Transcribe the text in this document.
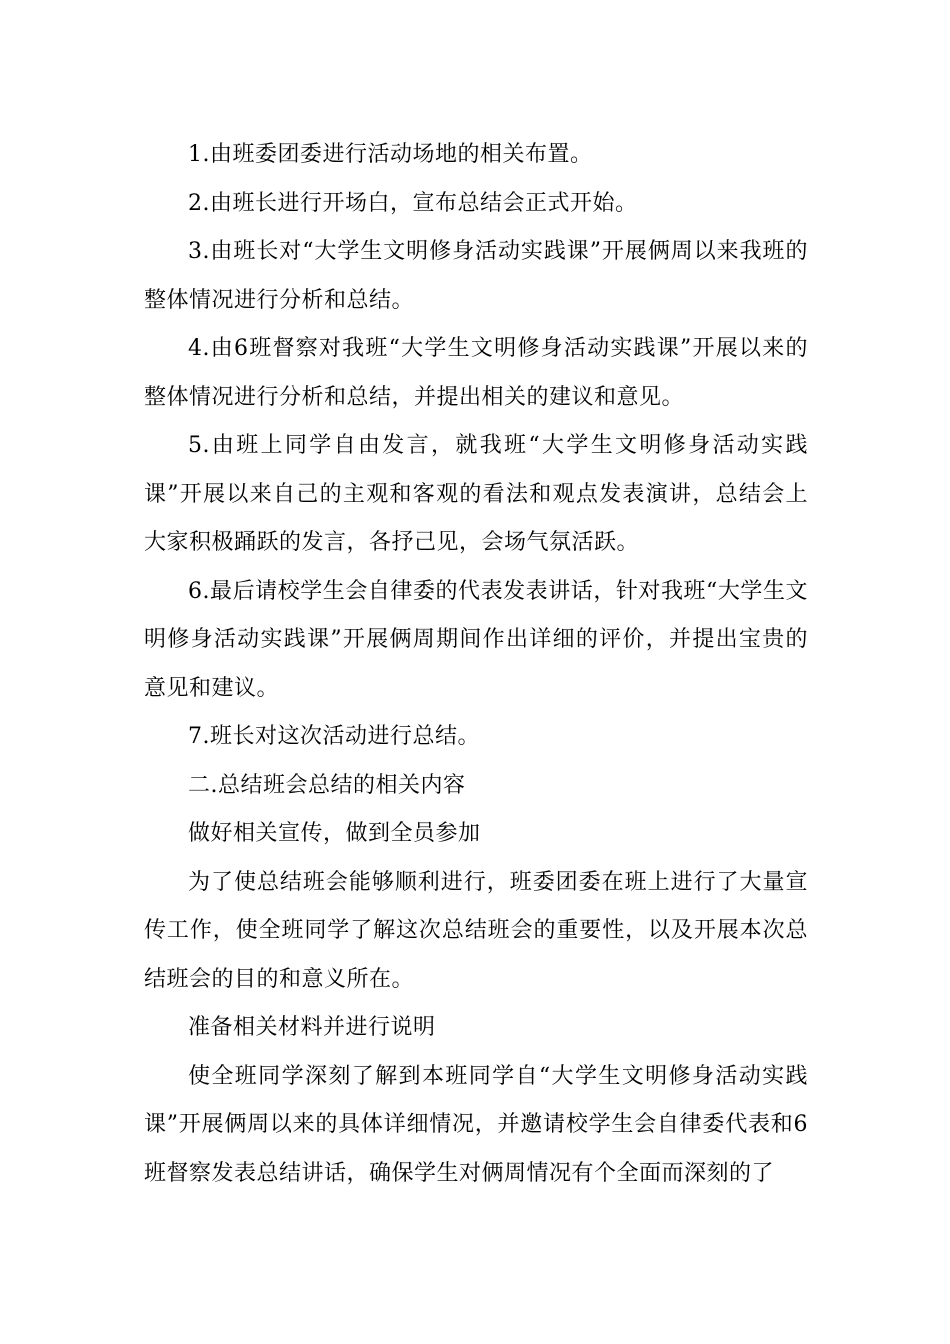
1.由班委团委进行活动场地的相关布置。

2.由班长进行开场白，宣布总结会正式开始。

3.由班长对“大学生文明修身活动实践课”开展俩周以来我班的整体情况进行分析和总结。

4.由6班督察对我班“大学生文明修身活动实践课”开展以来的整体情况进行分析和总结，并提出相关的建议和意见。

5.由班上同学自由发言，就我班“大学生文明修身活动实践课”开展以来自己的主观和客观的看法和观点发表演讲，总结会上大家积极踊跃的发言，各抒己见，会场气氛活跃。

6.最后请校学生会自律委的代表发表讲话，针对我班“大学生文明修身活动实践课”开展俩周期间作出详细的评价，并提出宝贵的意见和建议。

7.班长对这次活动进行总结。

二.总结班会总结的相关内容

做好相关宣传，做到全员参加

为了使总结班会能够顺利进行，班委团委在班上进行了大量宣传工作，使全班同学了解这次总结班会的重要性，以及开展本次总结班会的目的和意义所在。

准备相关材料并进行说明

使全班同学深刻了解到本班同学自“大学生文明修身活动实践课”开展俩周以来的具体详细情况，并邀请校学生会自律委代表和6班督察发表总结讲话，确保学生对俩周情况有个全面而深刻的了
